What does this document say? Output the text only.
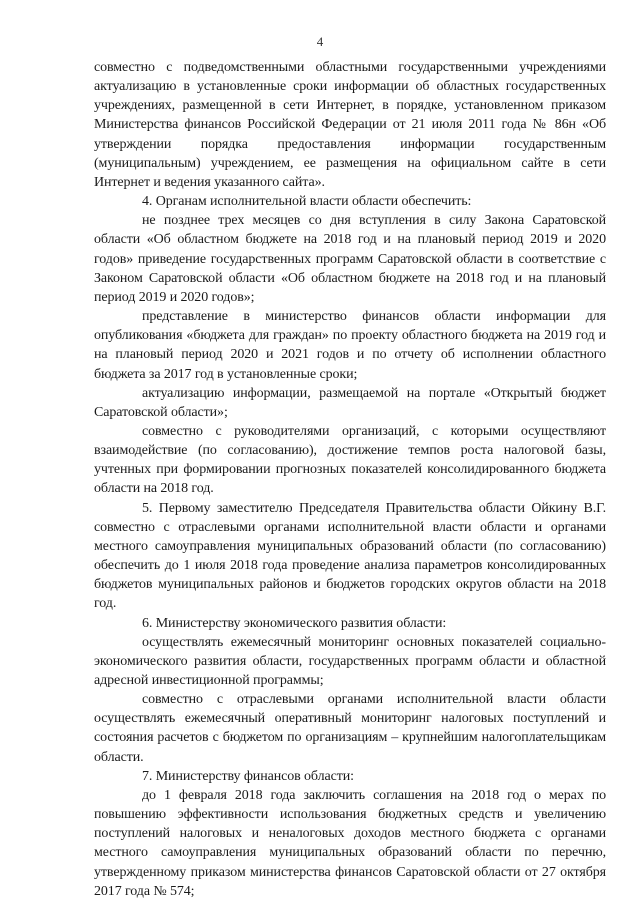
4

совместно с подведомственными областными государственными учреждениями актуализацию в установленные сроки информации об областных государственных учреждениях, размещенной в сети Интернет, в порядке, установленном приказом Министерства финансов Российской Федерации от 21 июля 2011 года № 86н «Об утверждении порядка предоставления информации государственным (муниципальным) учреждением, ее размещения на официальном сайте в сети Интернет и ведения указанного сайта».

4. Органам исполнительной власти области обеспечить:

не позднее трех месяцев со дня вступления в силу Закона Саратовской области «Об областном бюджете на 2018 год и на плановый период 2019 и 2020 годов» приведение государственных программ Саратовской области в соответствие с Законом Саратовской области «Об областном бюджете на 2018 год и на плановый период 2019 и 2020 годов»;

представление в министерство финансов области информации для опубликования «бюджета для граждан» по проекту областного бюджета на 2019 год и на плановый период 2020 и 2021 годов и по отчету об исполнении областного бюджета за 2017 год в установленные сроки;

актуализацию информации, размещаемой на портале «Открытый бюджет Саратовской области»;

совместно с руководителями организаций, с которыми осуществляют взаимодействие (по согласованию), достижение темпов роста налоговой базы, учтенных при формировании прогнозных показателей консолидированного бюджета области на 2018 год.

5. Первому заместителю Председателя Правительства области Ойкину В.Г. совместно с отраслевыми органами исполнительной власти области и органами местного самоуправления муниципальных образований области (по согласованию) обеспечить до 1 июля 2018 года проведение анализа параметров консолидированных бюджетов муниципальных районов и бюджетов городских округов области на 2018 год.

6. Министерству экономического развития области:

осуществлять ежемесячный мониторинг основных показателей социально-экономического развития области, государственных программ области и областной адресной инвестиционной программы;

совместно с отраслевыми органами исполнительной власти области осуществлять ежемесячный оперативный мониторинг налоговых поступлений и состояния расчетов с бюджетом по организациям – крупнейшим налогоплательщикам области.

7. Министерству финансов области:

до 1 февраля 2018 года заключить соглашения на 2018 год о мерах по повышению эффективности использования бюджетных средств и увеличению поступлений налоговых и неналоговых доходов местного бюджета с органами местного самоуправления муниципальных образований области по перечню, утвержденному приказом министерства финансов Саратовской области от 27 октября 2017 года № 574;
